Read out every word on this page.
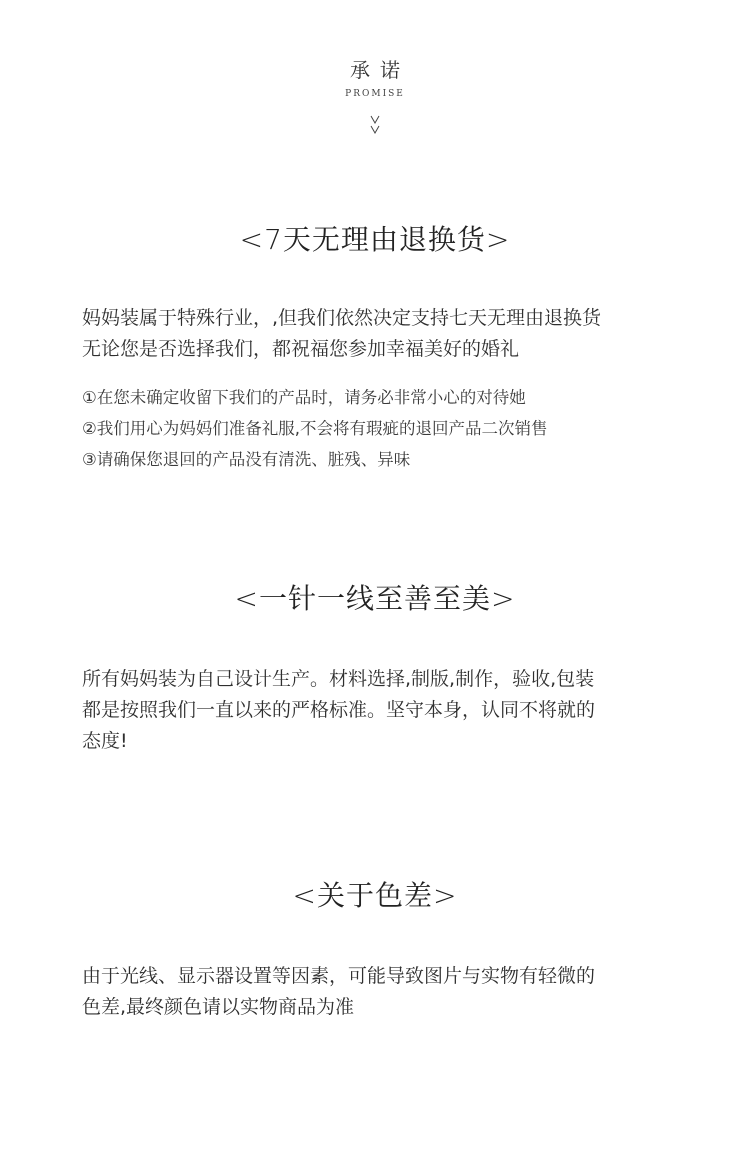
承诺
PROMISE
<7天无理由退换货>

妈妈装属于特殊行业，,但我们依然决定支持七天无理由退换货

无论您是否选择我们，都祝福您参加幸福美好的婚礼

①在您未确定收留下我们的产品时，请务必非常小心的对待她

②我们用心为妈妈们准备礼服,不会将有瑕疵的退回产品二次销售

③请确保您退回的产品没有清洗、脏残、异味

<一针一线至善至美>

所有妈妈装为自己设计生产。材料选择,制版,制作，验收,包装

都是按照我们一直以来的严格标准。坚守本身，认同不将就的

态度!

<关于色差>

由于光线、显示器设置等因素，可能导致图片与实物有轻微的

色差,最终颜色请以实物商品为准
